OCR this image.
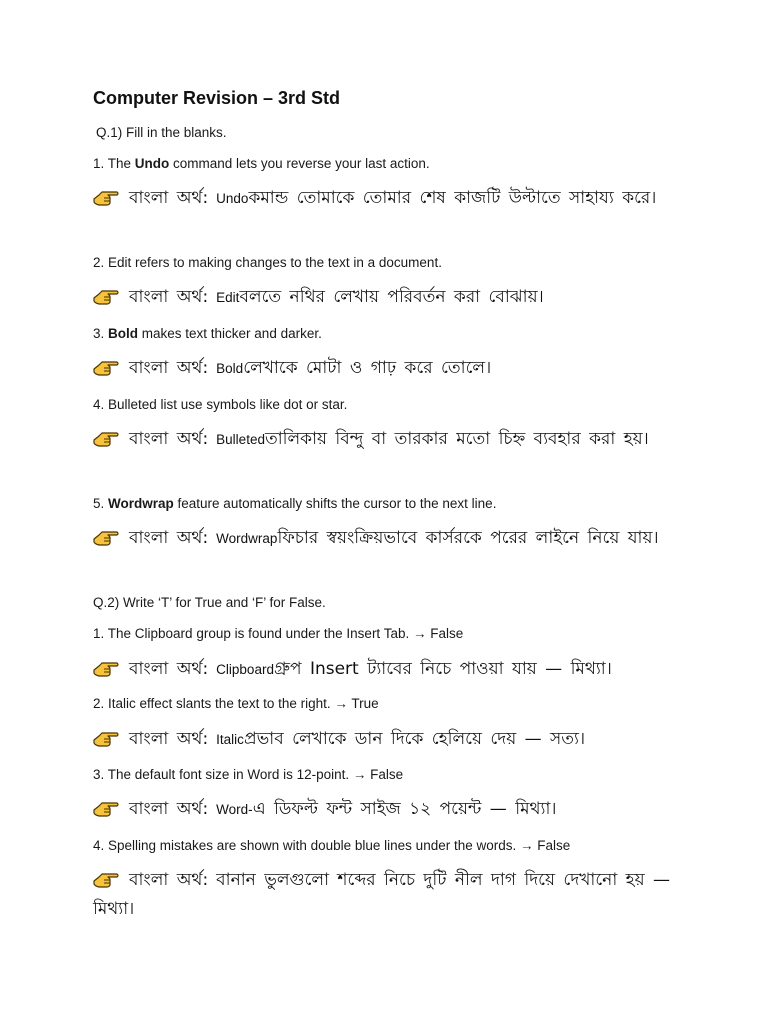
Computer Revision – 3rd Std

Q.1) Fill in the blanks.

1. The Undo command lets you reverse your last action.

বাংলা অর্থ: Undoকমান্ড তোমাকে তোমার শেষ কাজটি উল্টাতে সাহায্য করে।

2. Edit refers to making changes to the text in a document.

বাংলা অর্থ: Editবলতে নথির লেখায় পরিবর্তন করা বোঝায়।

3. Bold makes text thicker and darker.

বাংলা অর্থ: Boldলেখাকে মোটা ও গাঢ় করে তোলে।

4. Bulleted list use symbols like dot or star.

বাংলা অর্থ: Bulletedতালিকায় বিন্দু বা তারকার মতো চিহ্ন ব্যবহার করা হয়।

5. Wordwrap feature automatically shifts the cursor to the next line.

বাংলা অর্থ: Wordwrapফিচার স্বয়ংক্রিয়ভাবে কার্সরকে পরের লাইনে নিয়ে যায়।

Q.2) Write ‘T’ for True and ‘F’ for False.

1. The Clipboard group is found under the Insert Tab. → False

বাংলা অর্থ: Clipboardগ্রুপ Insert ট্যাবের নিচে পাওয়া যায় — মিথ্যা।

2. Italic effect slants the text to the right. → True

বাংলা অর্থ: Italicপ্রভাব লেখাকে ডান দিকে হেলিয়ে দেয় — সত্য।

3. The default font size in Word is 12-point. → False

বাংলা অর্থ: Word-এ ডিফল্ট ফন্ট সাইজ ১২ পয়েন্ট — মিথ্যা।

4. Spelling mistakes are shown with double blue lines under the words. → False

বাংলা অর্থ: বানান ভুলগুলো শব্দের নিচে দুটি নীল দাগ দিয়ে দেখানো হয় — মিথ্যা।
